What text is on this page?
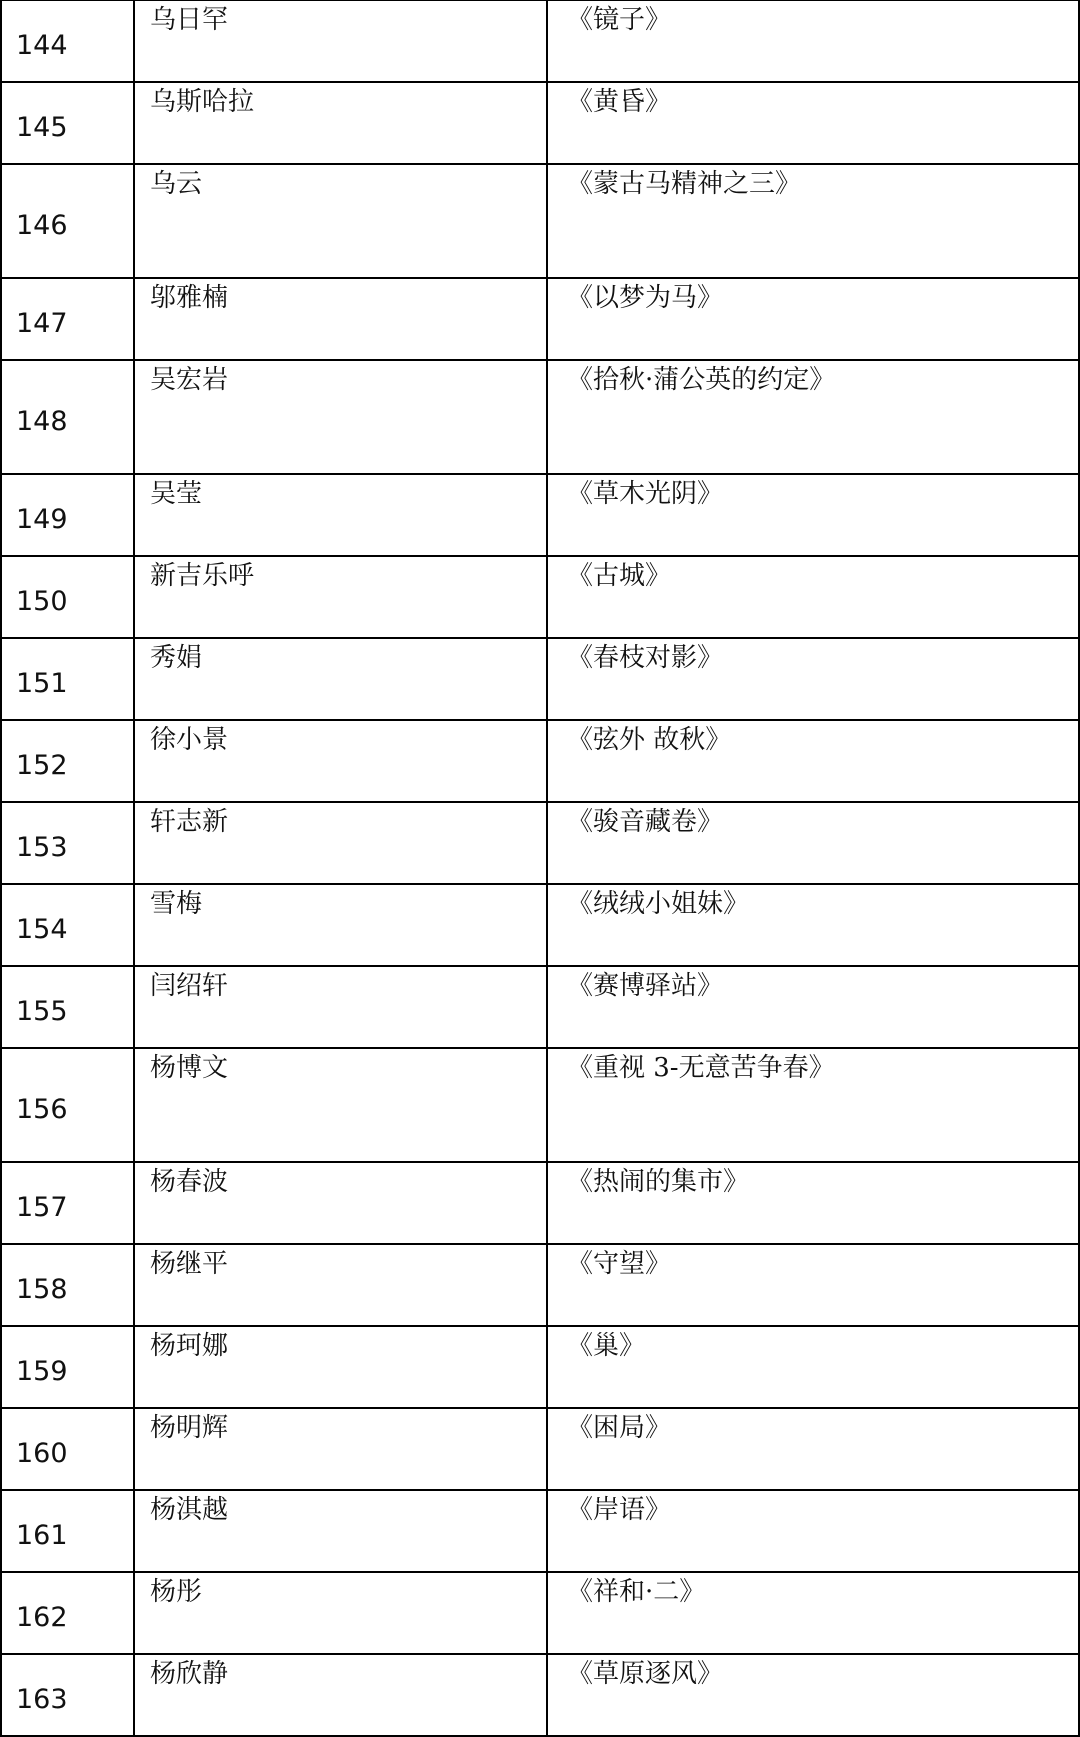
144	乌日罕	《镜子》
145	乌斯哈拉	《黄昏》
146	乌云	《蒙古马精神之三》
147	邬雅楠	《以梦为马》
148	吴宏岩	《拾秋·蒲公英的约定》
149	吴莹	《草木光阴》
150	新吉乐呼	《古城》
151	秀娟	《春枝对影》
152	徐小景	《弦外 故秋》
153	轩志新	《骏音藏卷》
154	雪梅	《绒绒小姐妹》
155	闫绍轩	《赛博驿站》
156	杨博文	《重视 3-无意苦争春》
157	杨春波	《热闹的集市》
158	杨继平	《守望》
159	杨珂娜	《巢》
160	杨明辉	《困局》
161	杨淇越	《岸语》
162	杨彤	《祥和·二》
163	杨欣静	《草原逐风》
